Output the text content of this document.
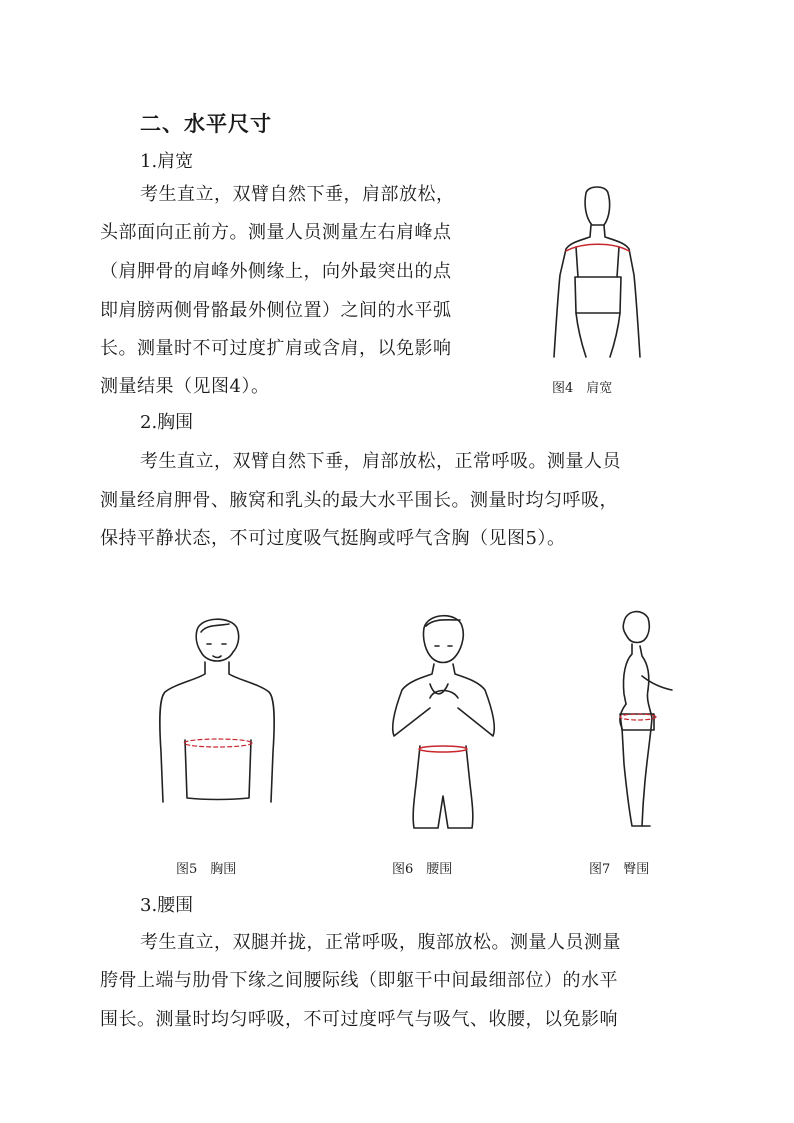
二、水平尺寸
1.肩宽
考生直立，双臂自然下垂，肩部放松，
头部面向正前方。测量人员测量左右肩峰点
（肩胛骨的肩峰外侧缘上，向外最突出的点
即肩膀两侧骨骼最外侧位置）之间的水平弧
长。测量时不可过度扩肩或含肩，以免影响
测量结果（见图4）。	图4　肩宽
2.胸围
考生直立，双臂自然下垂，肩部放松，正常呼吸。测量人员
测量经肩胛骨、腋窝和乳头的最大水平围长。测量时均匀呼吸，
保持平静状态，不可过度吸气挺胸或呼气含胸（见图5）。
图5　胸围	图6　腰围	图7　臀围
3.腰围
考生直立，双腿并拢，正常呼吸，腹部放松。测量人员测量
胯骨上端与肋骨下缘之间腰际线（即躯干中间最细部位）的水平
围长。测量时均匀呼吸，不可过度呼气与吸气、收腰，以免影响
